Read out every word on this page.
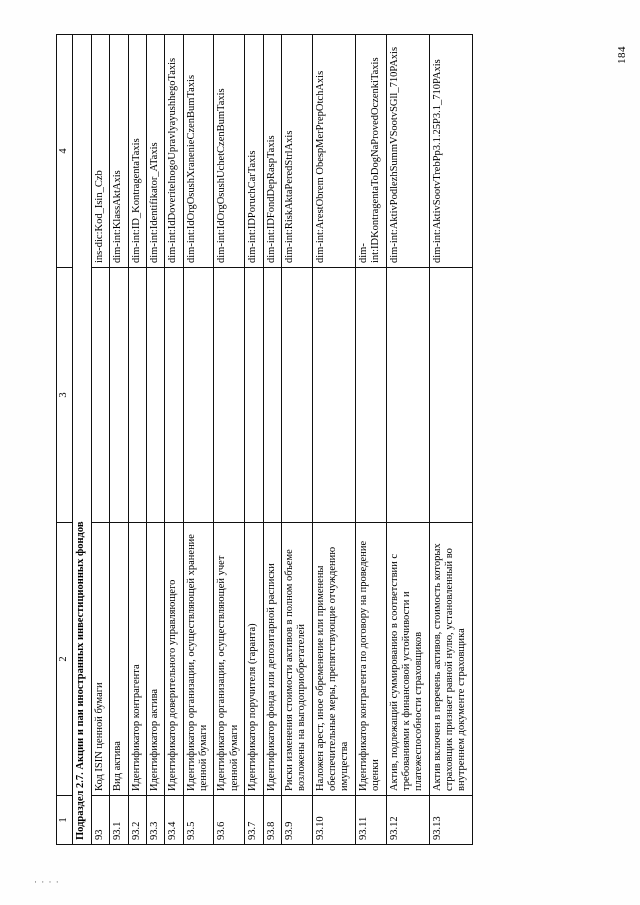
184
· · · ·
1	2	3	4
Подраздел 2.7. Акции и паи иностранных инвестиционных фондов			
93	Код ISIN ценной бумаги		ins-dic:Kod_Isin_Czb
93.1	Вид актива		dim-int:KlassAktAxis
93.2	Идентификатор контрагента		dim-int:ID_KontragentaTaxis
93.3	Идентификатор актива		dim-int:Identifikator_ATaxis
93.4	Идентификатор доверительного управляющего		dim-int:IdDoveritelnogoUpravlyayushhegoTaxis
93.5	Идентификатор организации, осуществляющей хранение ценной бумаги		dim-int:IdOrgOsushXranenieCzenBumTaxis
93.6	Идентификатор организации, осуществляющей учет ценной бумаги		dim-int:IdOrgOsushUchetCzenBumTaxis
93.7	Идентификатор поручителя (гаранта)		dim-int:IDPoruchCarTaxis
93.8	Идентификатор фонда или депозитарной расписки		dim-int:IDFondDepRaspTaxis
93.9	Риски изменения стоимости активов в полном объеме возложены на выгодоприобретателей		dim-int:RiskAktaPeredStrlAxis
93.10	Наложен арест, иное обременение или применены обеспечительные меры, препятствующие отчуждению имущества		dim-int:ArestObrem ObespMerPrepOtchAxis
93.11	Идентификатор контрагента по договору на проведение оценки		dim-int:IDKontragentaToDogNaProvedOczenkiTaxis
93.12	Актив, подлежащий суммированию в соответствии с требованиями к финансовой устойчивости и платежеспособности страховщиков		dim-int:AktivPodlezhSummVSootvSGll_710PAxis
93.13	Актив включен в перечень активов, стоимость которых страховщик признает равной нулю, установленный во внутреннем документе страховщика		dim-int:AktivSootvTrebPp3.1.25P3.1_710PAxis
